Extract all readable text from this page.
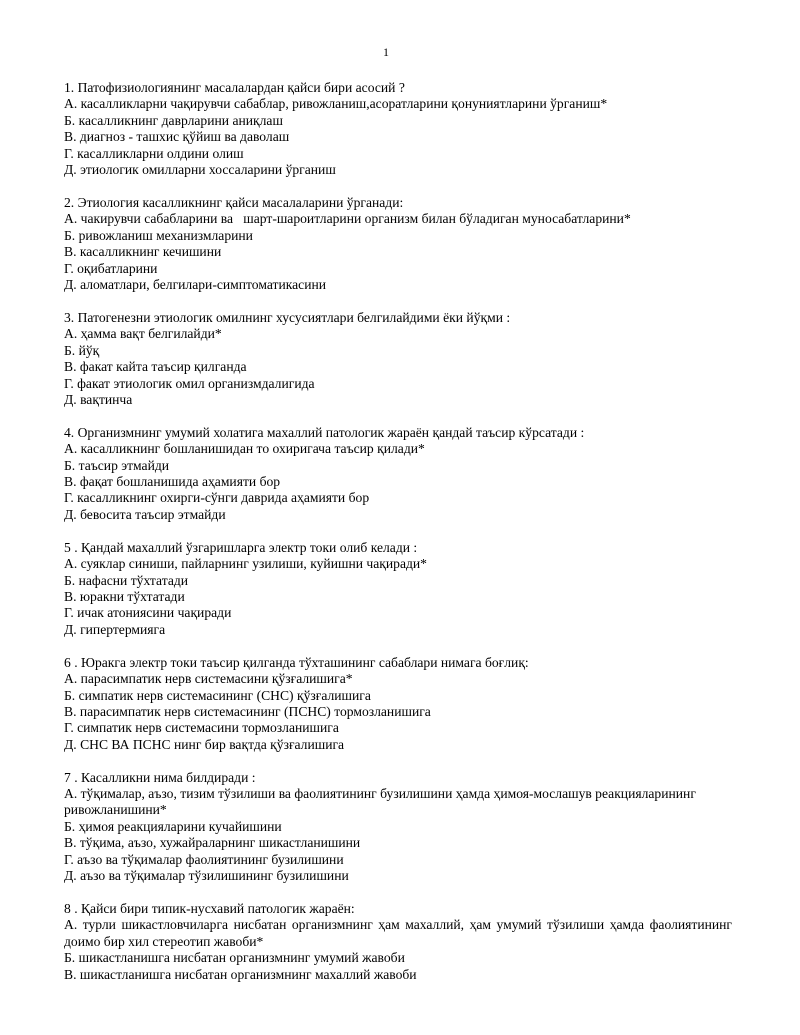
1
1. Патофизиологиянинг масалалардан қайси бири асосий ?
А. касалликларни чақирувчи сабаблар, ривожланиш,асоратларини қонуниятларини ўрганиш*
Б. касалликнинг даврларини аниқлаш
В. диагноз - ташхис қўйиш ва даволаш
Г. касалликларни олдини олиш
Д. этиологик омилларни хоссаларини ўрганиш
2. Этиология касалликнинг қайси масалаларини ўрганади:
А. чакирувчи сабабларини ва   шарт-шароитларини организм билан бўладиган муносабатларини*
Б. ривожланиш механизмларини
В. касалликнинг кечишини
Г. оқибатларини
Д. аломатлари, белгилари-симптоматикасини
3. Патогенезни этиологик омилнинг хусусиятлари белгилайдими ёки йўқми :
А. ҳамма вақт белгилайди*
Б. йўқ
В. факат кайта таъсир қилганда
Г. факат этиологик омил организмдалигида
Д. вақтинча
4. Организмнинг умумий холатига махаллий патологик жараён қандай таъсир кўрсатади :
А. касалликнинг бошланишидан то охиригача таъсир қилади*
Б. таъсир этмайди
В. фақат бошланишида аҳамияти бор
Г. касалликнинг охирги-сўнги даврида аҳамияти бор
Д. бевосита таъсир этмайди
5 . Қандай махаллий ўзгаришларга электр токи олиб келади :
А. суяклар синиши, пайларнинг узилиши, куйишни чақиради*
Б. нафасни тўхтатади
В. юракни тўхтатади
Г. ичак атониясини чақиради
Д. гипертермияга
6 . Юракга электр токи таъсир қилганда тўхташининг сабаблари нимага боғлиқ:
А. парасимпатик нерв системасини қўзғалишига*
Б. симпатик нерв системасининг (СНС) қўзғалишига
В. парасимпатик нерв системасининг (ПСНС) тормозланишига
Г. симпатик нерв системасини тормозланишига
Д. СНС ВА ПСНС нинг бир вақтда қўзғалишига
7 . Касалликни нима билдиради :
А. тўқималар, аъзо, тизим тўзилиши ва фаолиятининг бузилишини ҳамда ҳимоя-мослашув реакцияларининг ривожланишини*
Б. ҳимоя реакцияларини кучайишини
В. тўқима, аъзо, хужайраларнинг шикастланишини
Г. аъзо ва тўқималар фаолиятининг бузилишини
Д. аъзо ва тўқималар тўзилишининг бузилишини
8 . Қайси бири типик-нусхавий патологик жараён:
А. турли шикастловчиларга нисбатан организмнинг ҳам махаллий, ҳам умумий тўзилиши ҳамда фаолиятининг доимо бир хил стереотип жавоби*
Б. шикастланишга нисбатан организмнинг умумий жавоби
В. шикастланишга нисбатан организмнинг махаллий жавоби
